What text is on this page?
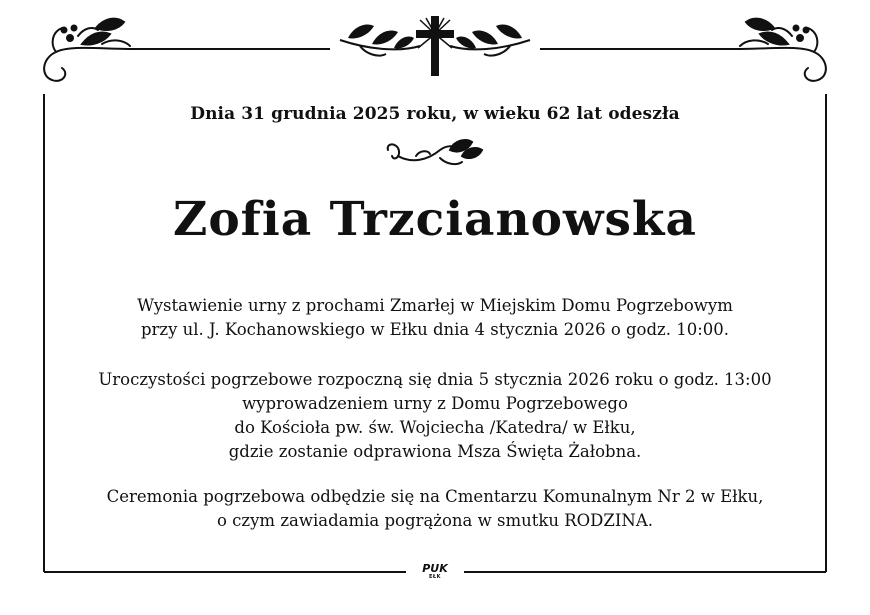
Dnia 31 grudnia 2025 roku, w wieku 62 lat odeszła
Zofia Trzcianowska
Wystawienie urny z prochami Zmarłej w Miejskim Domu Pogrzebowym
przy ul. J. Kochanowskiego w Ełku dnia 4 stycznia 2026 o godz. 10:00.
Uroczystości pogrzebowe rozpoczną się dnia 5 stycznia 2026 roku o godz. 13:00
wyprowadzeniem urny z Domu Pogrzebowego
do Kościoła pw. św. Wojciecha /Katedra/ w Ełku,
gdzie zostanie odprawiona Msza Święta Żałobna.
Ceremonia pogrzebowa odbędzie się na Cmentarzu Komunalnym Nr 2 w Ełku,
o czym zawiadamia pogrążona w smutku RODZINA.
PUK
EŁK
